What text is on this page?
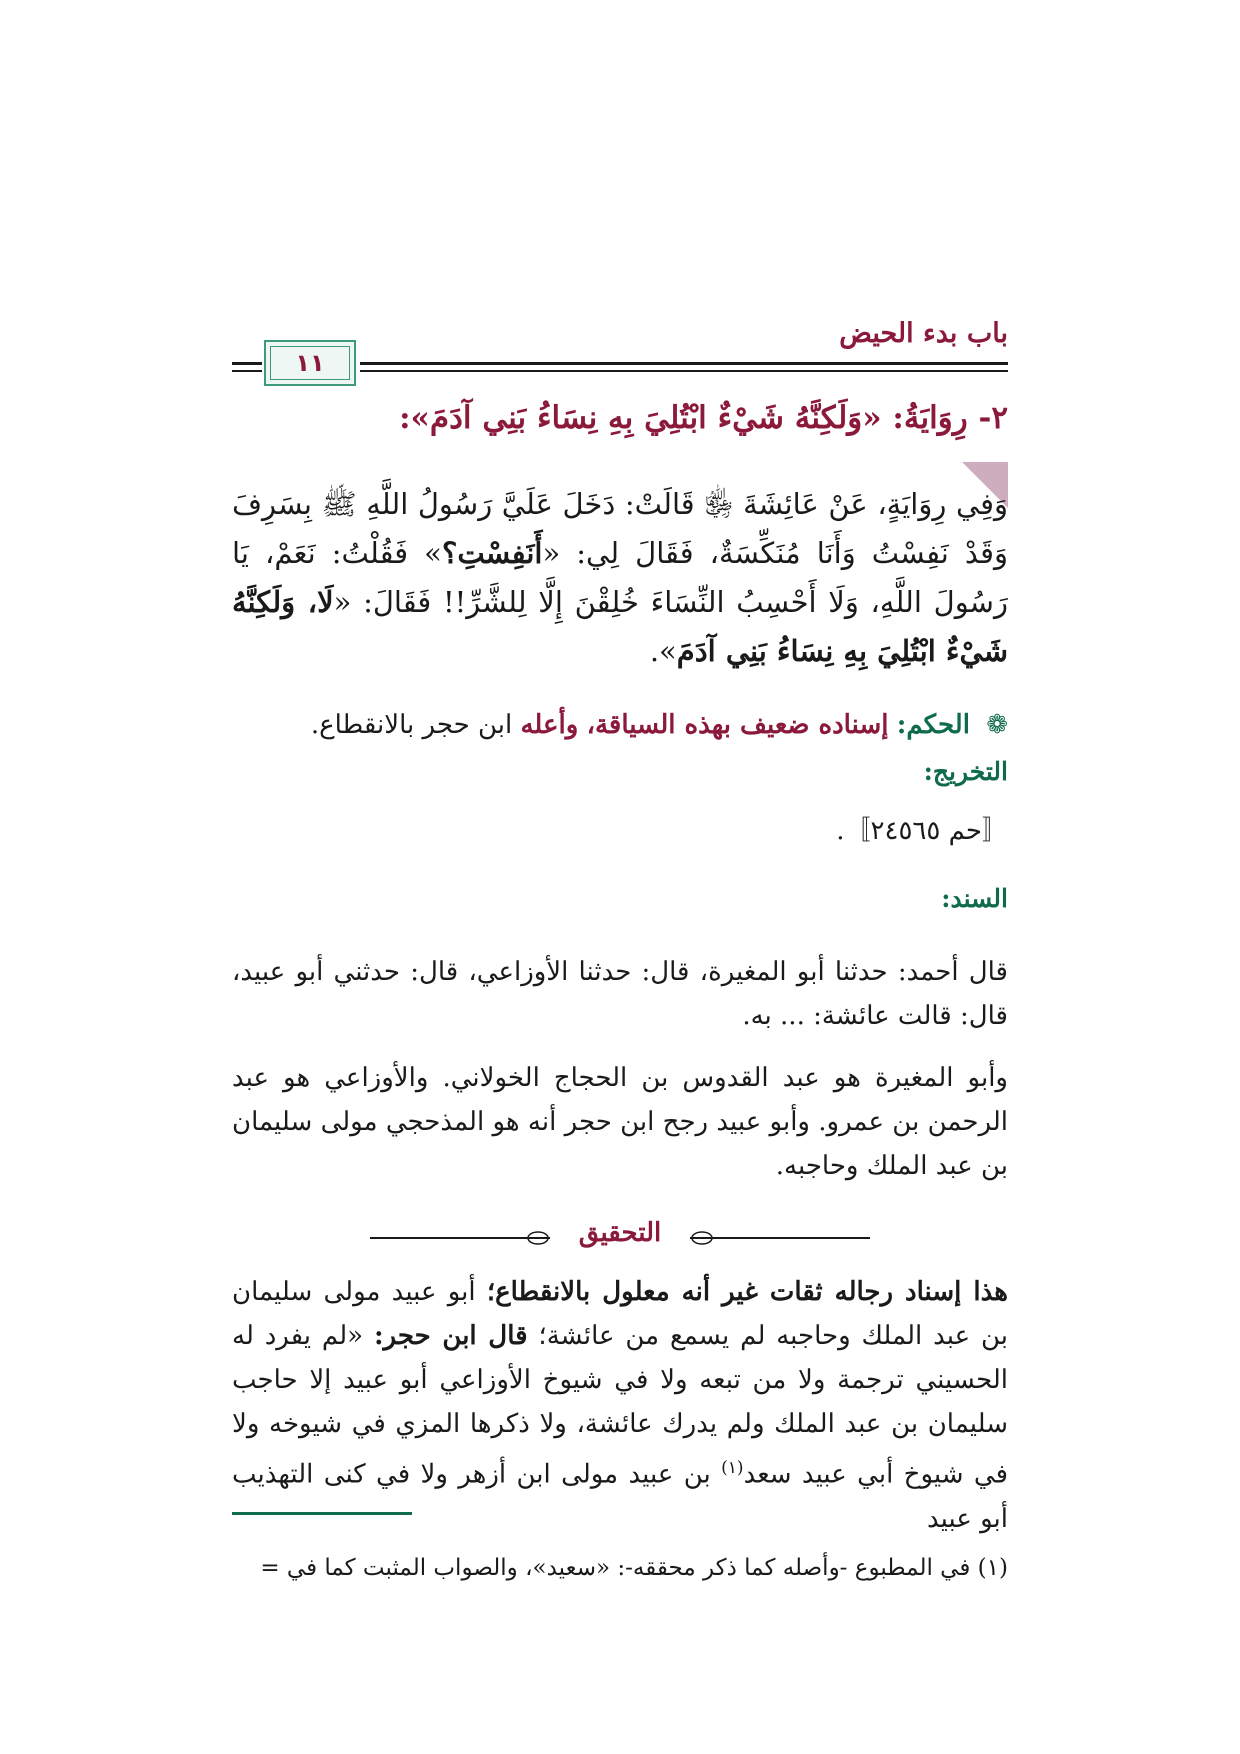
باب بدء الحيض
١١
٢- رِوَايَةُ: «وَلَكِنَّهُ شَيْءٌ ابْتُلِيَ بِهِ نِسَاءُ بَنِي آدَمَ»:
وَفِي رِوَايَةٍ، عَنْ عَائِشَةَ ﵂ قَالَتْ: دَخَلَ عَلَيَّ رَسُولُ اللَّهِ ﷺ بِسَرِفَ وَقَدْ نَفِسْتُ وَأَنَا مُنَكِّسَةٌ، فَقَالَ لِي: «أَنَفِسْتِ؟» فَقُلْتُ: نَعَمْ، يَا رَسُولَ اللَّهِ، وَلَا أَحْسِبُ النِّسَاءَ خُلِقْنَ إِلَّا لِلشَّرِّ!! فَقَالَ: «لَا، وَلَكِنَّهُ شَيْءٌ ابْتُلِيَ بِهِ نِسَاءُ بَنِي آدَمَ».
❁ الحكم: إسناده ضعيف بهذه السياقة، وأعله ابن حجر بالانقطاع.
التخريج:
〚حم ٢٤٥٦٥〛.
السند:
قال أحمد: حدثنا أبو المغيرة، قال: حدثنا الأوزاعي، قال: حدثني أبو عبيد، قال: قالت عائشة: ... به.
وأبو المغيرة هو عبد القدوس بن الحجاج الخولاني. والأوزاعي هو عبد الرحمن بن عمرو. وأبو عبيد رجح ابن حجر أنه هو المذحجي مولى سليمان بن عبد الملك وحاجبه.
التحقيق
هذا إسناد رجاله ثقات غير أنه معلول بالانقطاع؛ أبو عبيد مولى سليمان بن عبد الملك وحاجبه لم يسمع من عائشة؛ قال ابن حجر: «لم يفرد له الحسيني ترجمة ولا من تبعه ولا في شيوخ الأوزاعي أبو عبيد إلا حاجب سليمان بن عبد الملك ولم يدرك عائشة، ولا ذكرها المزي في شيوخه ولا في شيوخ أبي عبيد سعد$^{(١)}$ بن عبيد مولى ابن أزهر ولا في كنى التهذيب أبو عبيد
(١) في المطبوع -وأصله كما ذكر محققه-: «سعيد»، والصواب المثبت كما في =
